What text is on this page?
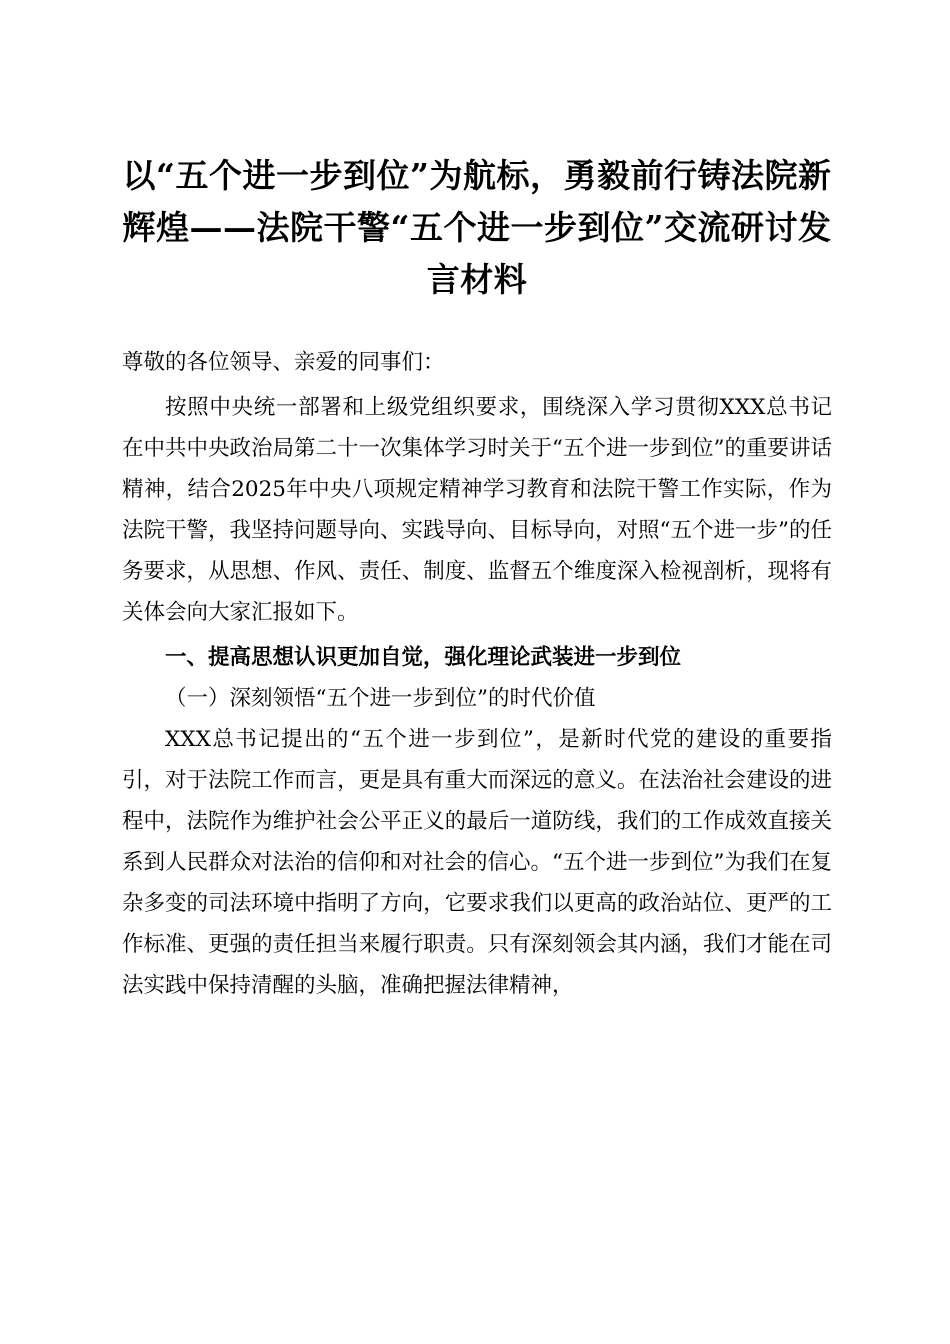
以“五个进一步到位”为航标，勇毅前行铸法院新辉煌——法院干警“五个进一步到位”交流研讨发言材料

尊敬的各位领导、亲爱的同事们：

按照中央统一部署和上级党组织要求，围绕深入学习贯彻XXX总书记在中共中央政治局第二十一次集体学习时关于“五个进一步到位”的重要讲话精神，结合2025年中央八项规定精神学习教育和法院干警工作实际，作为法院干警，我坚持问题导向、实践导向、目标导向，对照“五个进一步”的任务要求，从思想、作风、责任、制度、监督五个维度深入检视剖析，现将有关体会向大家汇报如下。

一、提高思想认识更加自觉，强化理论武装进一步到位

（一）深刻领悟“五个进一步到位”的时代价值

XXX总书记提出的“五个进一步到位”，是新时代党的建设的重要指引，对于法院工作而言，更是具有重大而深远的意义。在法治社会建设的进程中，法院作为维护社会公平正义的最后一道防线，我们的工作成效直接关系到人民群众对法治的信仰和对社会的信心。“五个进一步到位”为我们在复杂多变的司法环境中指明了方向，它要求我们以更高的政治站位、更严的工作标准、更强的责任担当来履行职责。只有深刻领会其内涵，我们才能在司法实践中保持清醒的头脑，准确把握法律精神，
